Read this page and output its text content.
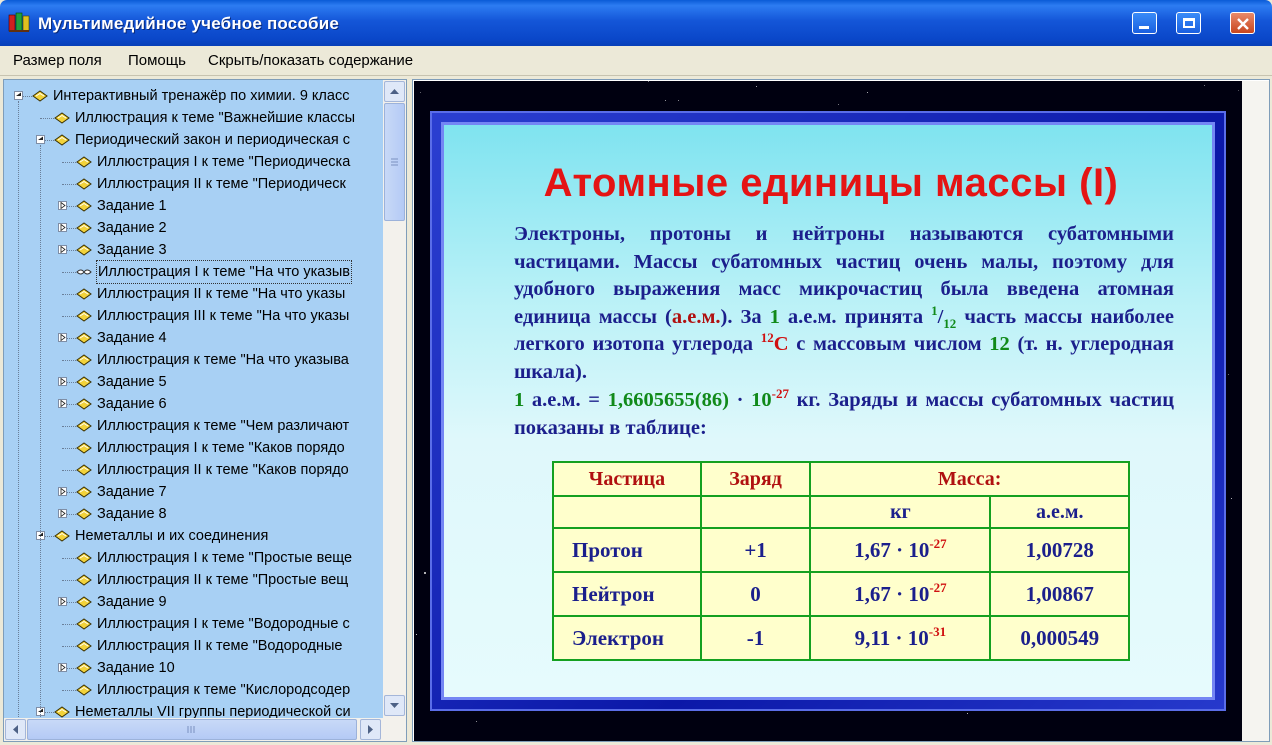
Мультимедийное учебное пособие
Размер поля Помощь Скрыть/показать содержание
Интерактивный тренажёр по химии. 9 класс
Иллюстрация к теме "Важнейшие классы
Периодический закон и периодическая с
Иллюстрация I к теме "Периодическа
Иллюстрация II к теме "Периодическ
Задание 1
Задание 2
Задание 3
Иллюстрация I к теме "На что указыв
Иллюстрация II к теме "На что указы
Иллюстрация III к теме "На что указы
Задание 4
Иллюстрация к теме "На что указыва
Задание 5
Задание 6
Иллюстрация к теме "Чем различают
Иллюстрация I к теме "Каков порядо
Иллюстрация II к теме "Каков порядо
Задание 7
Задание 8
Неметаллы и их соединения
Иллюстрация I к теме "Простые веще
Иллюстрация II к теме "Простые вещ
Задание 9
Иллюстрация I к теме "Водородные с
Иллюстрация II к теме "Водородные
Задание 10
Иллюстрация к теме "Кислородсодер
Неметаллы VII группы периодической си
Атомные единицы массы (I)
Электроны, протоны и нейтроны называются субатомными частицами. Массы субатомных частиц очень малы, поэтому для удобного выражения масс микрочастиц была введена атомная единица массы (а.е.м.). За 1 а.е.м. принята $^1/_{12}$ часть массы наиболее легкого изотопа углерода $^{12}$C с массовым числом 12 (т. н. углеродная шкала).
1 а.е.м. = $1,6605655(86) \cdot 10^{-27}$ кг. Заряды и массы субатомных частиц показаны в таблице:
Частица	Заряд	Масса:	
		кг	а.е.м.
Протон	+1	$1,67 \cdot 10^{-27}$	1,00728
Нейтрон	0	$1,67 \cdot 10^{-27}$	1,00867
Электрон	-1	$9,11 \cdot 10^{-31}$	0,000549
